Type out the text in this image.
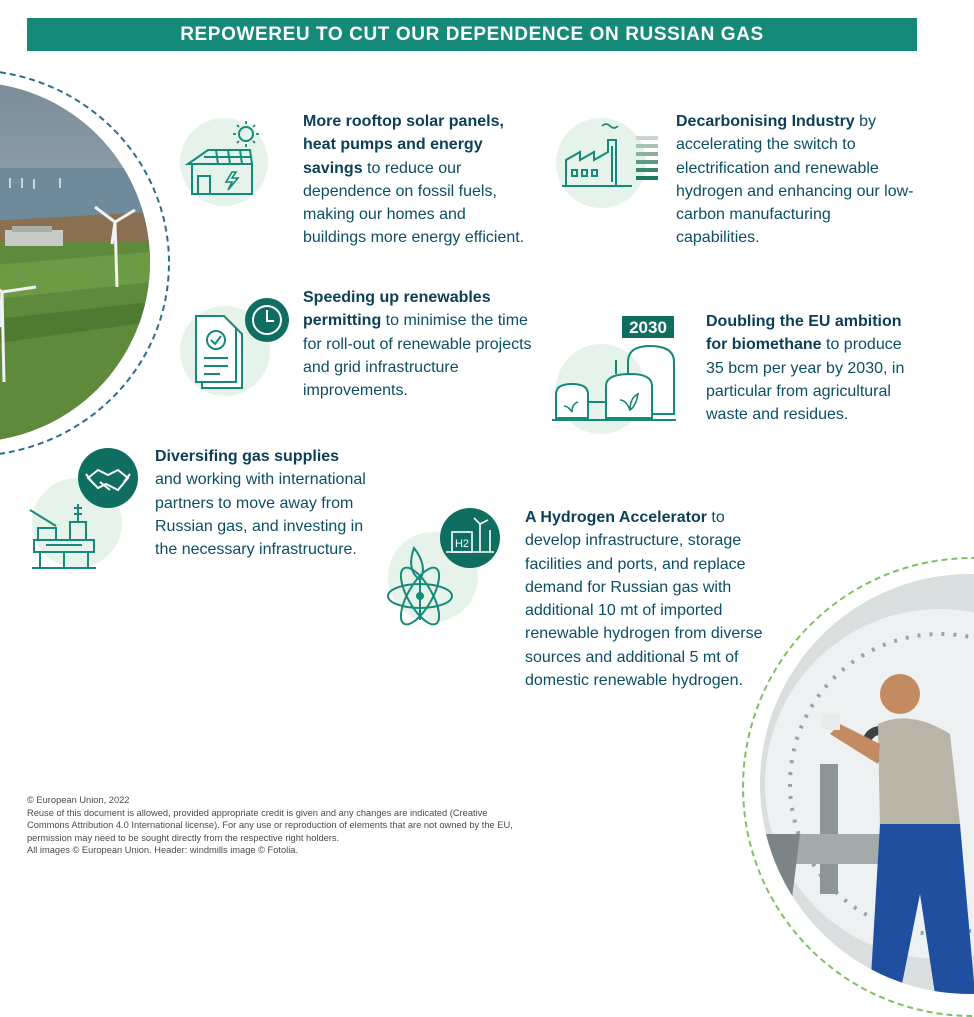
REPOWEREU TO CUT OUR DEPENDENCE ON RUSSIAN GAS
More rooftop solar panels, heat pumps and energy savings to reduce our dependence on fossil fuels, making our homes and buildings more energy efficient.
Speeding up renewables permitting to minimise the time for roll-out of renewable projects and grid infrastructure improvements.
Diversifing gas supplies and working with international partners to move away from Russian gas, and investing in the necessary infrastructure.
Decarbonising Industry by accelerating the switch to electrification and renewable hydrogen and enhancing our low-carbon manufacturing capabilities.
2030 Doubling the EU ambition for biomethane to produce 35 bcm per year by 2030, in particular from agricultural waste and residues.
H2
A Hydrogen Accelerator to develop infrastructure, storage facilities and ports, and replace demand for Russian gas with additional 10 mt of imported renewable hydrogen from diverse sources and additional 5 mt of domestic renewable hydrogen.
© European Union, 2022
Reuse of this document is allowed, provided appropriate credit is given and any changes are indicated (Creative Commons Attribution 4.0 International license). For any use or reproduction of elements that are not owned by the EU, permission may need to be sought directly from the respective right holders.
All images © European Union. Header: windmills image © Fotolia.
